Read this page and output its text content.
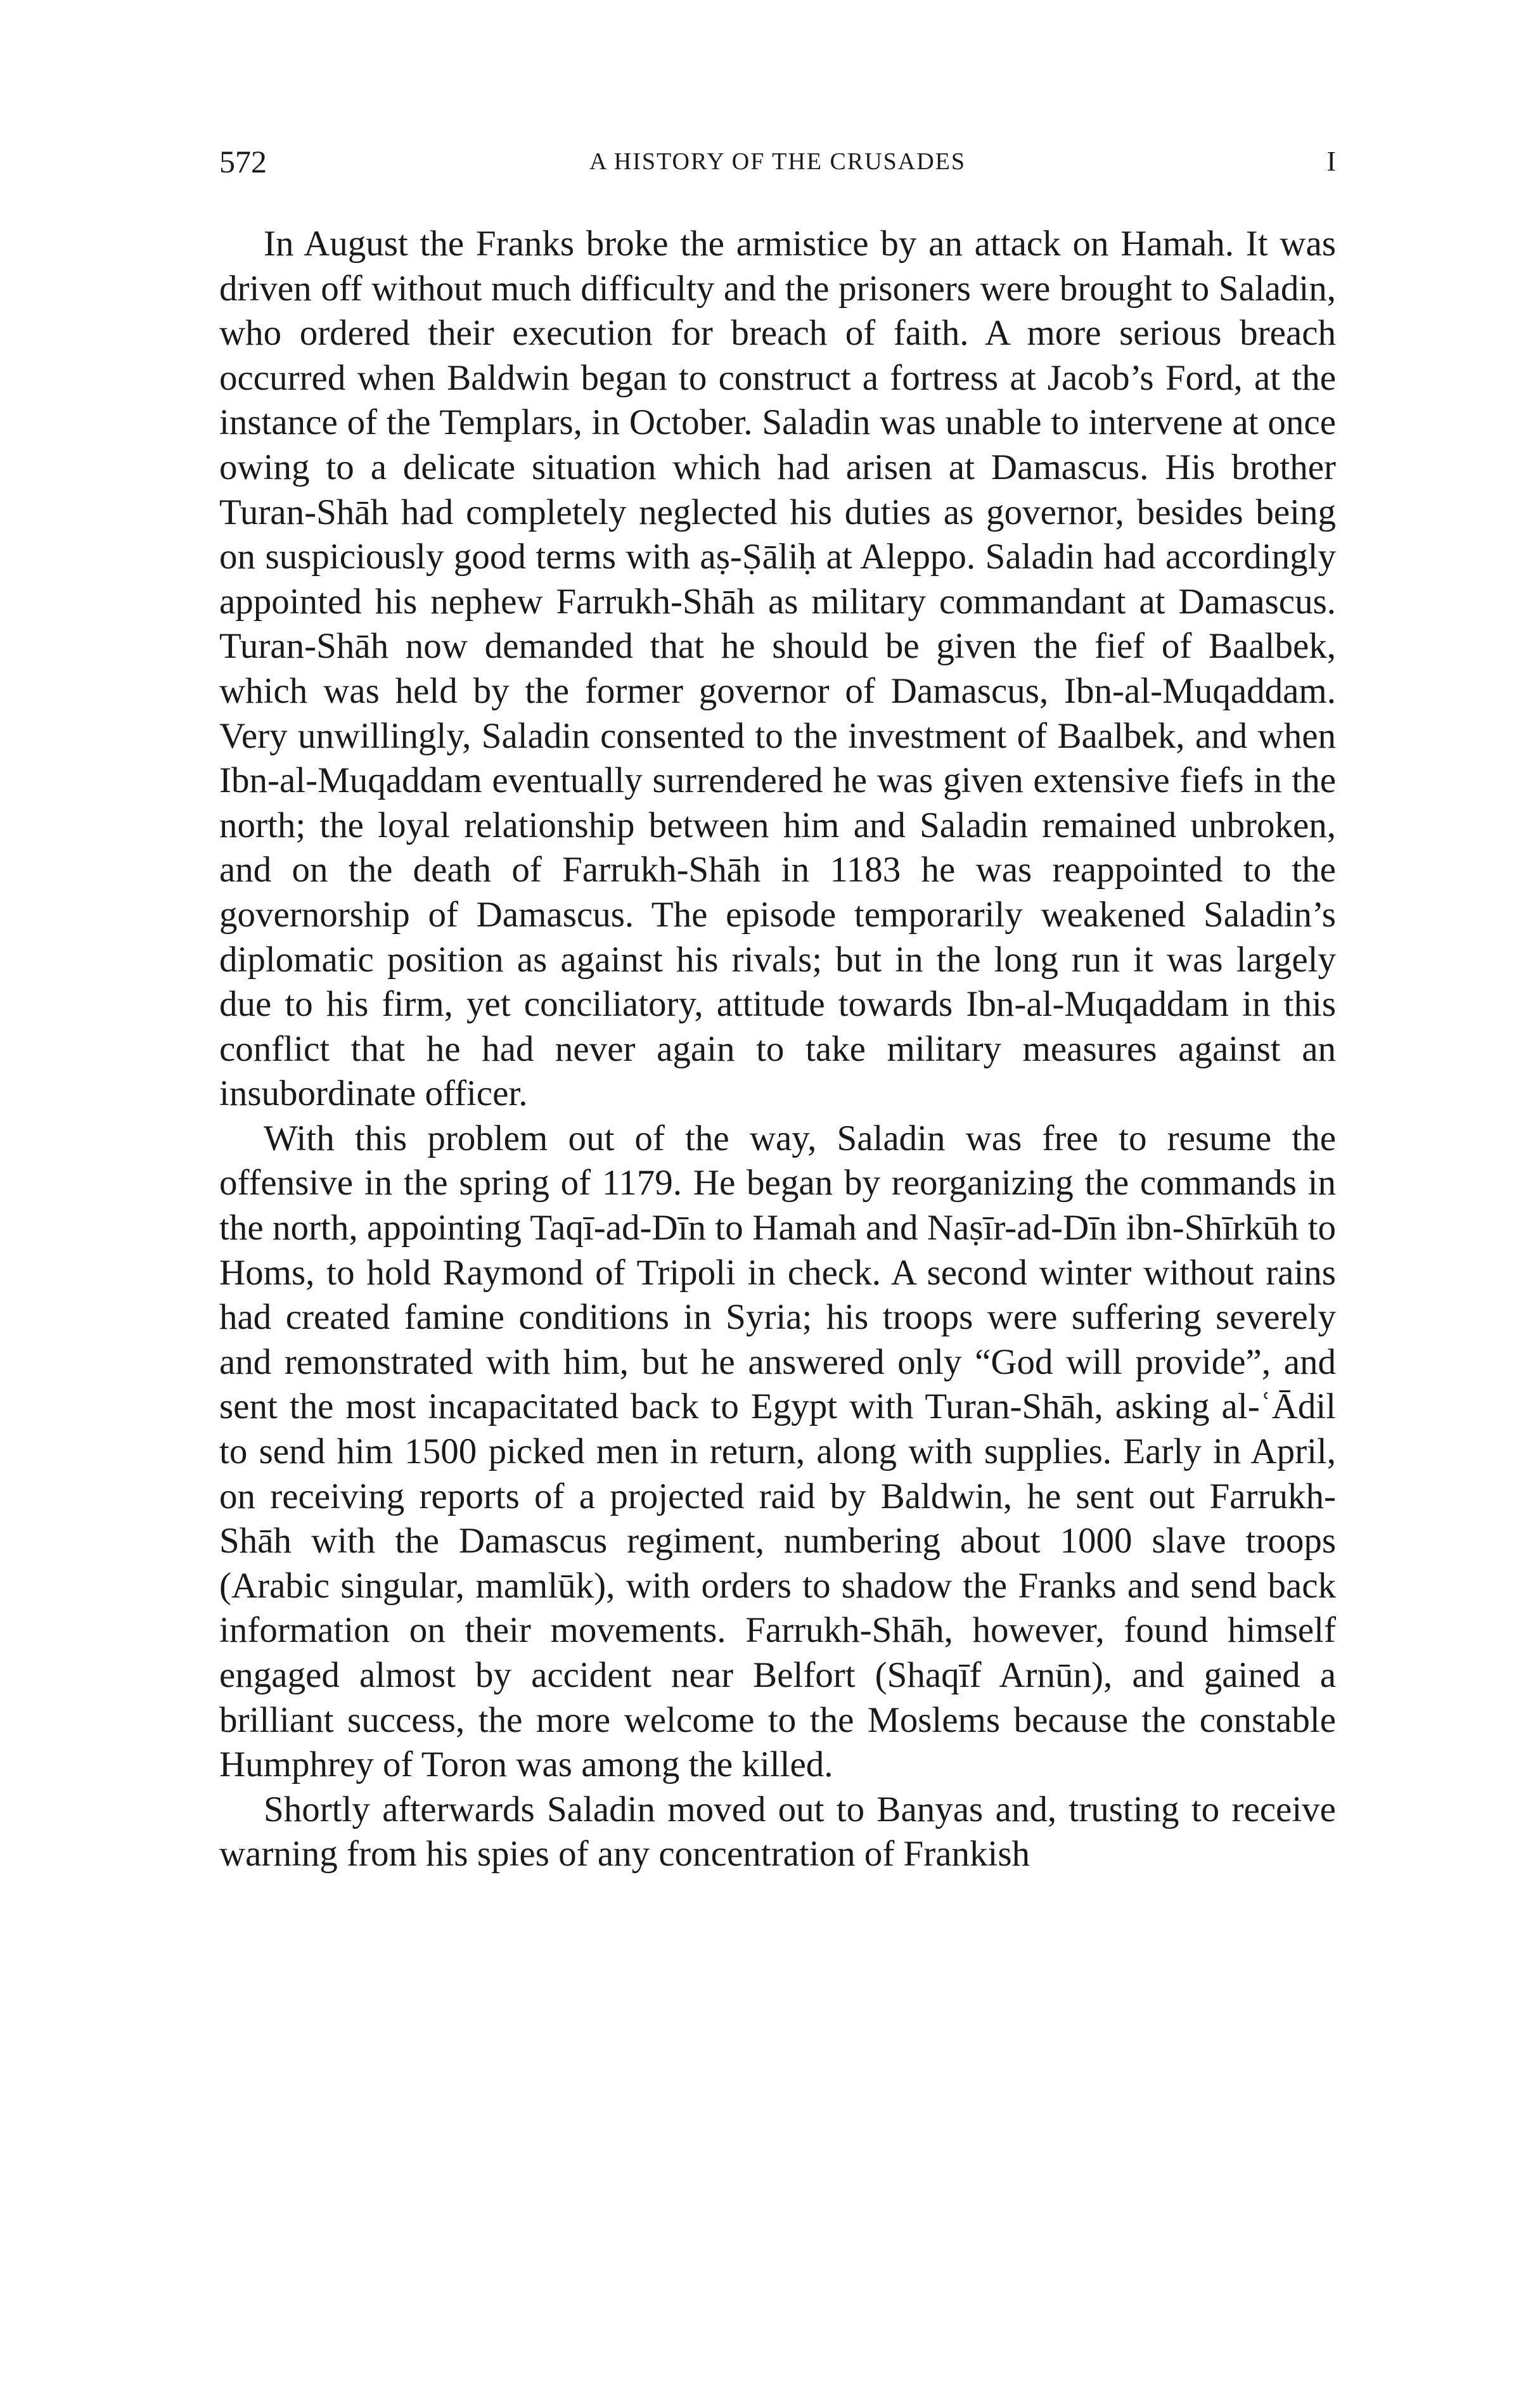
572	A HISTORY OF THE CRUSADES	I

In August the Franks broke the armistice by an attack on Hamah. It was driven off without much difficulty and the prisoners were brought to Saladin, who ordered their execution for breach of faith. A more serious breach occurred when Baldwin began to construct a fortress at Jacob’s Ford, at the instance of the Templars, in October. Saladin was unable to intervene at once owing to a delicate situation which had arisen at Damascus. His brother Turan-Shāh had completely neglected his duties as governor, besides being on suspiciously good terms with aṣ-Ṣāliḥ at Aleppo. Saladin had accordingly appointed his nephew Farrukh-Shāh as military commandant at Damascus. Turan-Shāh now demanded that he should be given the fief of Baalbek, which was held by the former governor of Damascus, Ibn-al-Muqaddam. Very unwillingly, Saladin consented to the investment of Baalbek, and when Ibn-al-Muqaddam eventually surrendered he was given extensive fiefs in the north; the loyal relationship between him and Saladin remained unbroken, and on the death of Farrukh-Shāh in 1183 he was reappointed to the governorship of Damascus. The episode temporarily weakened Saladin’s diplomatic position as against his rivals; but in the long run it was largely due to his firm, yet conciliatory, attitude towards Ibn-al-Muqaddam in this conflict that he had never again to take military measures against an insubordinate officer.

With this problem out of the way, Saladin was free to resume the offensive in the spring of 1179. He began by reorganizing the commands in the north, appointing Taqī-ad-Dīn to Hamah and Naṣīr-ad-Dīn ibn-Shīrkūh to Homs, to hold Raymond of Tripoli in check. A second winter without rains had created famine conditions in Syria; his troops were suffering severely and remonstrated with him, but he answered only “God will provide”, and sent the most incapacitated back to Egypt with Turan-Shāh, asking al-ʿĀdil to send him 1500 picked men in return, along with supplies. Early in April, on receiving reports of a projected raid by Baldwin, he sent out Farrukh-Shāh with the Damascus regiment, numbering about 1000 slave troops (Arabic singular, mamlūk), with orders to shadow the Franks and send back information on their movements. Farrukh-Shāh, however, found himself engaged almost by accident near Belfort (Shaqīf Arnūn), and gained a brilliant success, the more welcome to the Moslems because the constable Humphrey of Toron was among the killed.

Shortly afterwards Saladin moved out to Banyas and, trusting to receive warning from his spies of any concentration of Frankish
